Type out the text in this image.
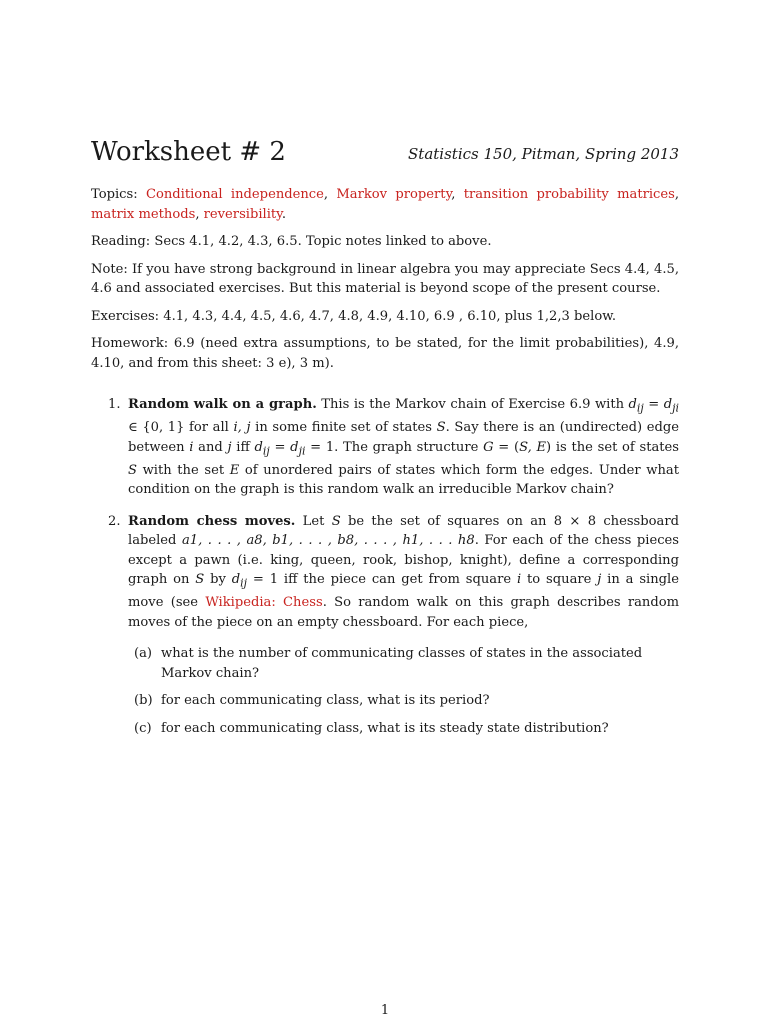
Worksheet # 2	Statistics 150, Pitman, Spring 2013

Topics: Conditional independence, Markov property, transition probability matrices, matrix methods, reversibility.

Reading: Secs 4.1, 4.2, 4.3, 6.5. Topic notes linked to above.

Note: If you have strong background in linear algebra you may appreciate Secs 4.4, 4.5, 4.6 and associated exercises. But this material is beyond scope of the present course.

Exercises: 4.1, 4.3, 4.4, 4.5, 4.6, 4.7, 4.8, 4.9, 4.10, 6.9 , 6.10, plus 1,2,3 below.

Homework: 6.9 (need extra assumptions, to be stated, for the limit probabilities), 4.9, 4.10, and from this sheet: 3 e), 3 m).

1. Random walk on a graph. This is the Markov chain of Exercise 6.9 with $d_{ij} = d_{ji}$ ∈ {0, 1} for all i, j in some finite set of states S. Say there is an (undirected) edge between i and j iff $d_{ij} = d_{ji} = 1$. The graph structure G = (S, E) is the set of states S with the set E of unordered pairs of states which form the edges. Under what condition on the graph is this random walk an irreducible Markov chain?
2. Random chess moves. Let S be the set of squares on an 8 × 8 chessboard labeled a1, . . . , a8, b1, . . . , b8, . . . , h1, . . . h8. For each of the chess pieces except a pawn (i.e. king, queen, rook, bishop, knight), define a corresponding graph on S by $d_{ij} = 1$ iff the piece can get from square i to square j in a single move (see Wikipedia: Chess. So random walk on this graph describes random moves of the piece on an empty chessboard. For each piece,
(a) what is the number of communicating classes of states in the associated Markov chain?
(b) for each communicating class, what is its period?
(c) for each communicating class, what is its steady state distribution?
1
